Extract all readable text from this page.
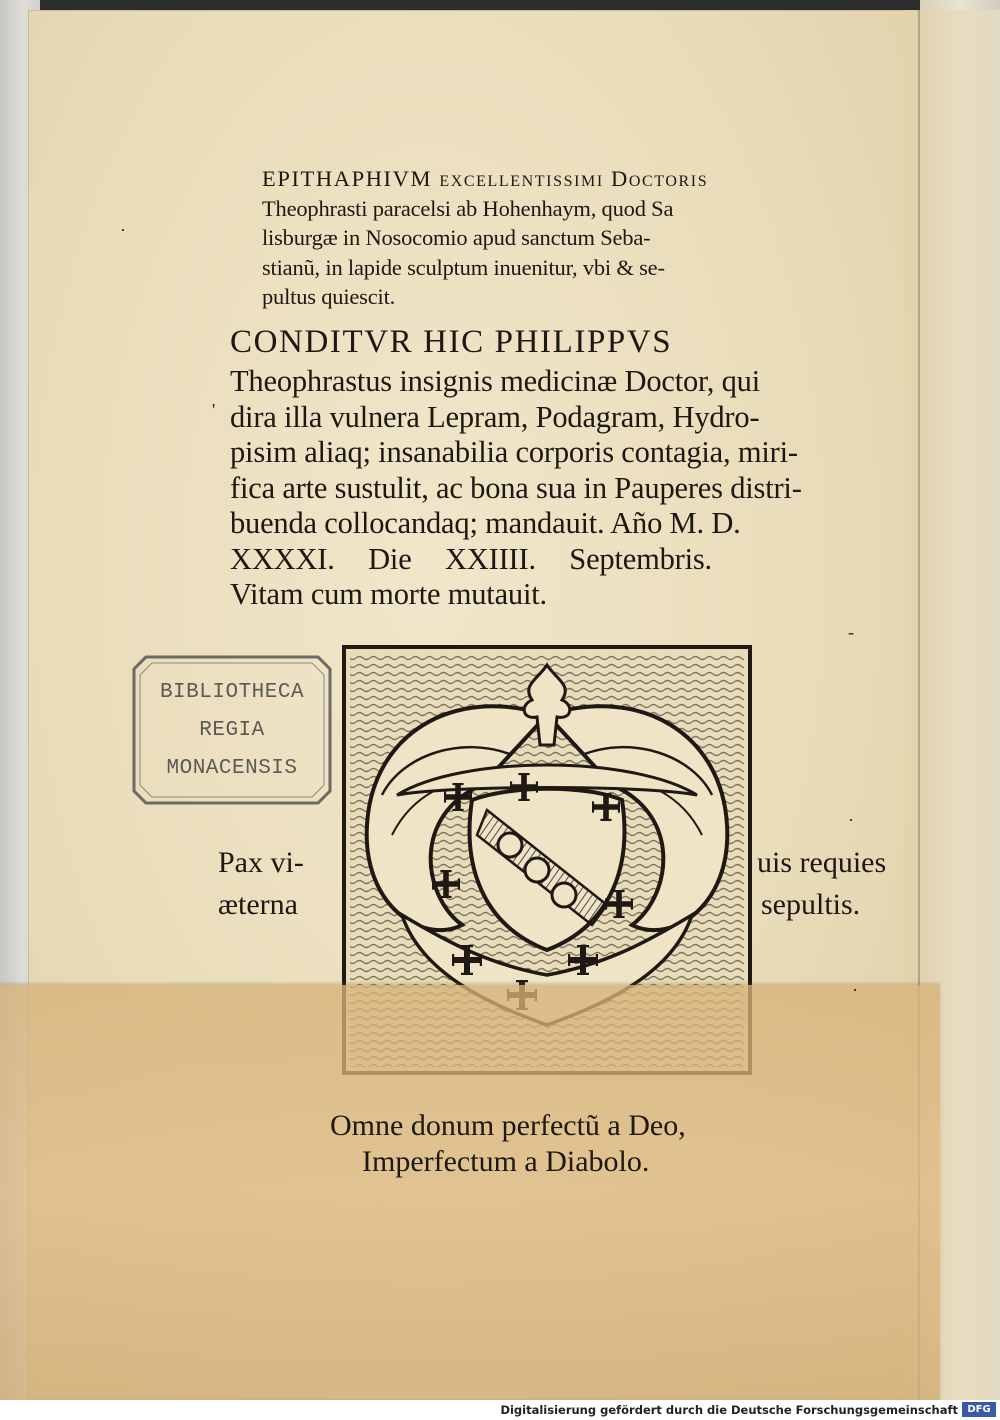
EPITHAPHIVM excellentissimi Doctoris
Theophrasti paracelsi ab Hohenhaym, quod Sa
lisburgæ in Nosocomio apud sanctum Seba-
stianũ, in lapide sculptum inuenitur, vbi & se-
pultus quiescit.
CONDITVR HIC PHILIPPVS
Theophrastus insignis medicinæ Doctor, qui
dira illa vulnera Lepram, Podagram, Hydro-
pisim aliaq; insanabilia corporis contagia, miri-
fica arte sustulit, ac bona sua in Pauperes distri-
buenda collocandaq; mandauit. Año M. D.
XXXXI. Die XXIIII. Septembris.
Vitam cum morte mutauit.
BIBLIOTHECA
REGIA
MONACENSIS
Pax vi-
æterna
uis requies
sepultis.
Omne donum perfectũ a Deo,
Imperfectum a Diabolo.
·
'
-
·
·
Digitalisierung gefördert durch die Deutsche Forschungsgemeinschaft DFG
